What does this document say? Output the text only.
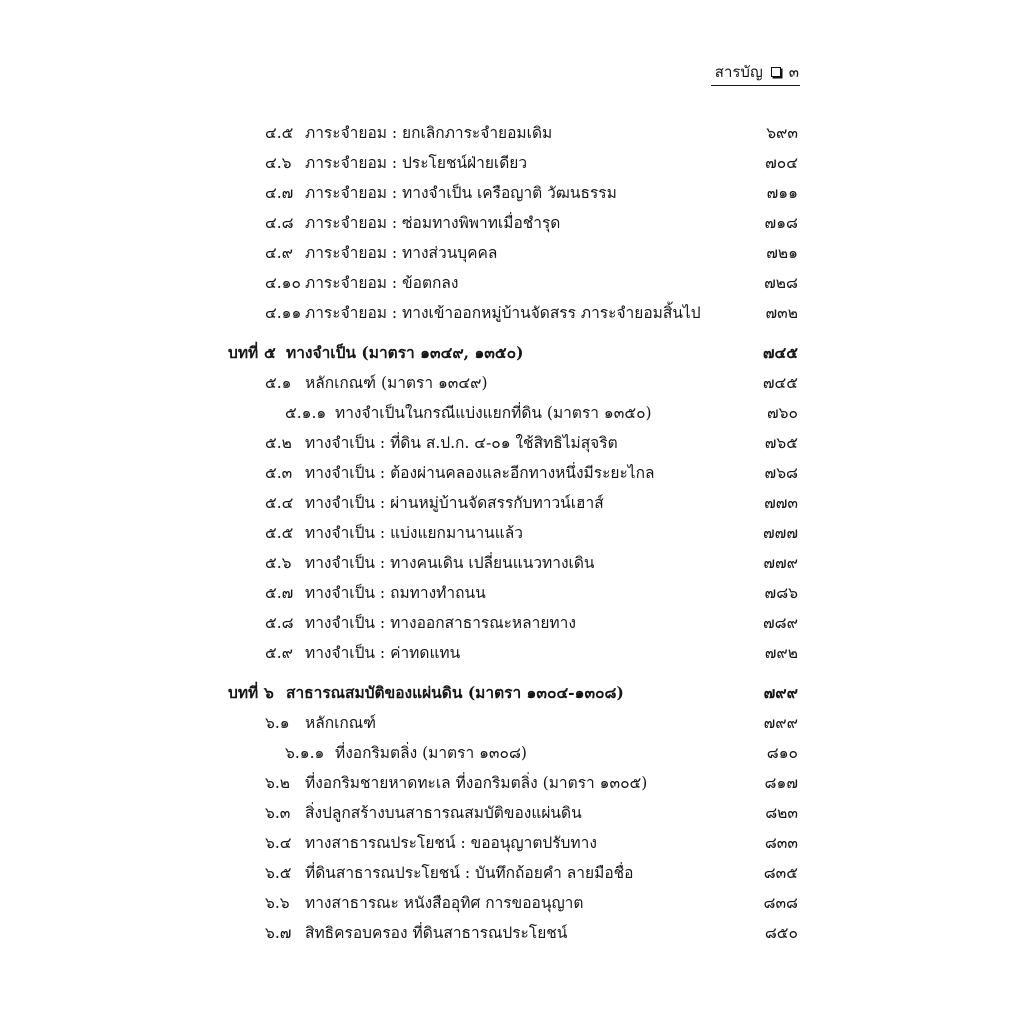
สารบัญ ๓
๔.๕ ภาระจำยอม : ยกเลิกภาระจำยอมเดิม	๖๙๓
๔.๖ ภาระจำยอม : ประโยชน์ฝ่ายเดียว	๗๐๔
๔.๗ ภาระจำยอม : ทางจำเป็น เครือญาติ วัฒนธรรม	๗๑๑
๔.๘ ภาระจำยอม : ซ่อมทางพิพาทเมื่อชำรุด	๗๑๘
๔.๙ ภาระจำยอม : ทางส่วนบุคคล	๗๒๑
๔.๑๐ ภาระจำยอม : ข้อตกลง	๗๒๘
๔.๑๑ ภาระจำยอม : ทางเข้าออกหมู่บ้านจัดสรร ภาระจำยอมสิ้นไป	๗๓๒
บทที่ ๕ ทางจำเป็น (มาตรา ๑๓๔๙, ๑๓๕๐)	๗๔๕
๕.๑ หลักเกณฑ์ (มาตรา ๑๓๔๙)	๗๔๕
๕.๑.๑ ทางจำเป็นในกรณีแบ่งแยกที่ดิน (มาตรา ๑๓๕๐)	๗๖๐
๕.๒ ทางจำเป็น : ที่ดิน ส.ป.ก. ๔-๐๑ ใช้สิทธิไม่สุจริต	๗๖๕
๕.๓ ทางจำเป็น : ต้องผ่านคลองและอีกทางหนึ่งมีระยะไกล	๗๖๘
๕.๔ ทางจำเป็น : ผ่านหมู่บ้านจัดสรรกับทาวน์เฮาส์	๗๗๓
๕.๕ ทางจำเป็น : แบ่งแยกมานานแล้ว	๗๗๗
๕.๖ ทางจำเป็น : ทางคนเดิน เปลี่ยนแนวทางเดิน	๗๗๙
๕.๗ ทางจำเป็น : ถมทางทำถนน	๗๘๖
๕.๘ ทางจำเป็น : ทางออกสาธารณะหลายทาง	๗๘๙
๕.๙ ทางจำเป็น : ค่าทดแทน	๗๙๒
บทที่ ๖ สาธารณสมบัติของแผ่นดิน (มาตรา ๑๓๐๔-๑๓๐๘)	๗๙๙
๖.๑ หลักเกณฑ์	๗๙๙
๖.๑.๑ ที่งอกริมตลิ่ง (มาตรา ๑๓๐๘)	๘๑๐
๖.๒ ที่งอกริมชายหาดทะเล ที่งอกริมตลิ่ง (มาตรา ๑๓๐๕)	๘๑๗
๖.๓ สิ่งปลูกสร้างบนสาธารณสมบัติของแผ่นดิน	๘๒๓
๖.๔ ทางสาธารณประโยชน์ : ขออนุญาตปรับทาง	๘๓๓
๖.๕ ที่ดินสาธารณประโยชน์ : บันทึกถ้อยคำ ลายมือชื่อ	๘๓๕
๖.๖ ทางสาธารณะ หนังสืออุทิศ การขออนุญาต	๘๓๘
๖.๗ สิทธิครอบครอง ที่ดินสาธารณประโยชน์	๘๕๐
